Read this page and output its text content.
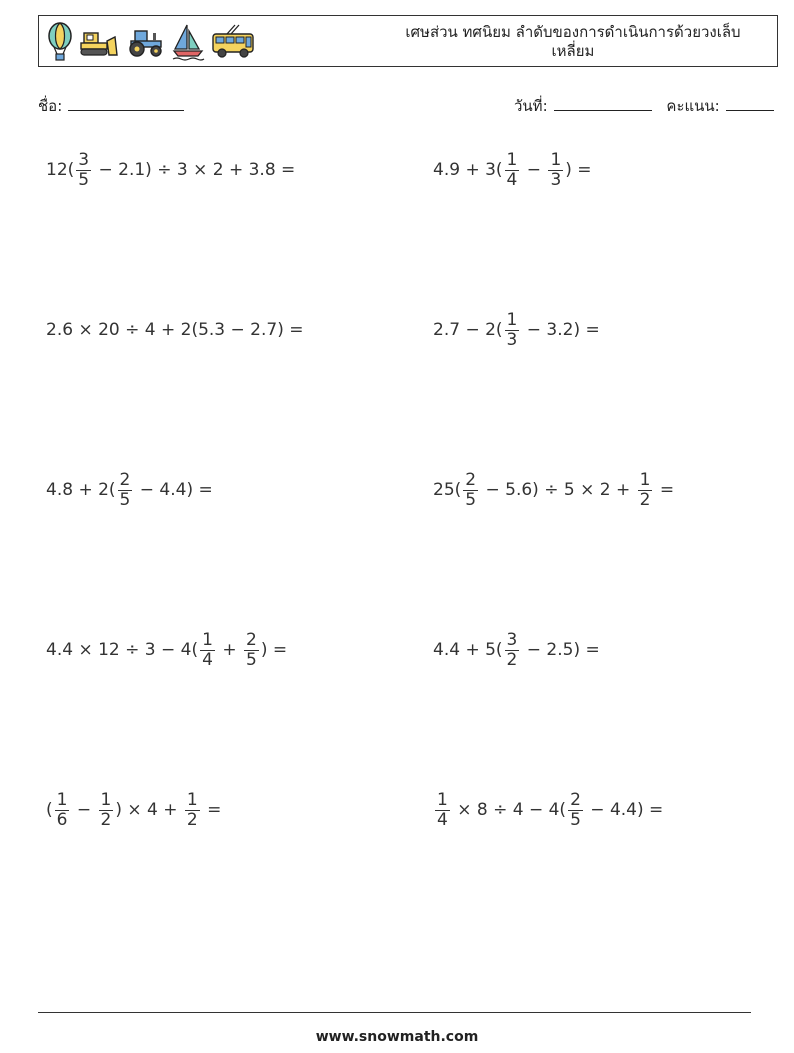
เศษส่วน ทศนิยม ลำดับของการดำเนินการด้วยวงเล็บ
เหลี่ยม
ชื่อ:	วันที่:	คะแนน:
$12( \frac{3}{5} - 2.1) \div 3 \times 2 + 3.8$ =	$4.9 + 3( \frac{1}{4} - \frac{1}{3}$ ) =
2.6 × 20 ÷ 4 + 2(5.3 − 2.7) =	$2.7 - 2( \frac{1}{3} - 3.2)$ =
$4.8 + 2( \frac{2}{5} - 4.4)$ =	$25( \frac{2}{5} - 5.6) \div 5 \times 2 + \frac{1}{2}$ =
$4.4 \times 12 \div 3 - 4( \frac{1}{4} + \frac{2}{5}$ ) =	$4.4 + 5( \frac{3}{2} - 2.5)$ =
( $\frac{1}{6} - \frac{1}{2}$ ) × $4 + \frac{1}{2}$ =	$\frac{1}{4} \times 8 \div 4 - 4( \frac{2}{5} - 4.4)$ =
www.snowmath.com
